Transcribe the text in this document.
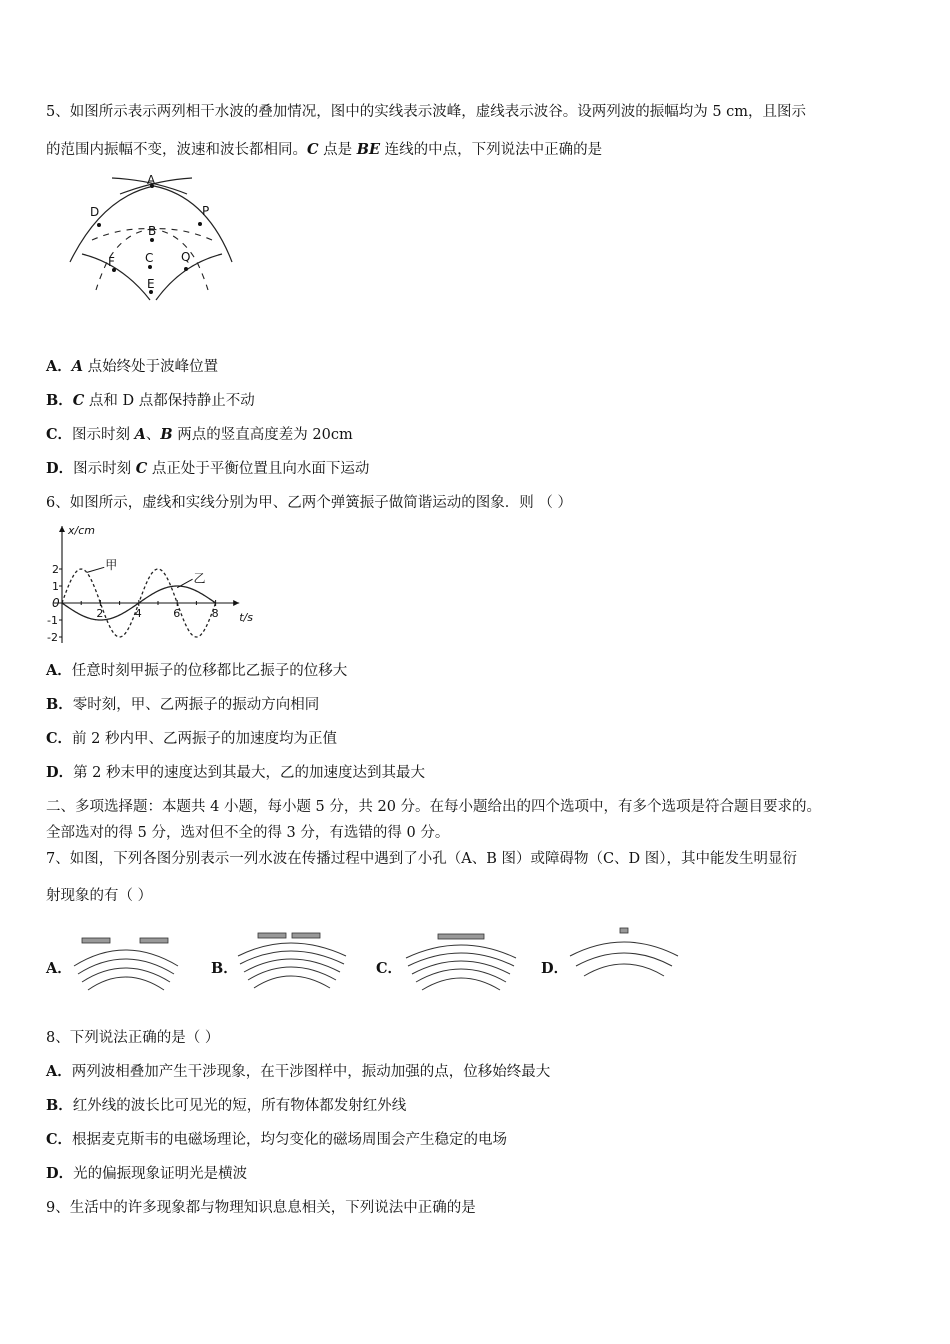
5、如图所示表示两列相干水波的叠加情况，图中的实线表示波峰，虚线表示波谷。设两列波的振幅均为 5 cm，且图示
的范围内振幅不变，波速和波长都相同。C 点是 BE 连线的中点，下列说法中正确的是
A
D	P
B
C
F	Q
E
A．A 点始终处于波峰位置
B．C 点和 D 点都保持静止不动
C．图示时刻 A、B 两点的竖直高度差为 20cm
D．图示时刻 C 点正处于平衡位置且向水面下运动
6、如图所示，虚线和实线分别为甲、乙两个弹簧振子做简谐运动的图象．则 （ ）
x/cm
t/s
0
2	4	6	8
2
1
-1
-2
甲
乙
A．任意时刻甲振子的位移都比乙振子的位移大
B．零时刻，甲、乙两振子的振动方向相同
C．前 2 秒内甲、乙两振子的加速度均为正值
D．第 2 秒末甲的速度达到其最大，乙的加速度达到其最大
二、多项选择题：本题共 4 小题，每小题 5 分，共 20 分。在每小题给出的四个选项中，有多个选项是符合题目要求的。
全部选对的得 5 分，选对但不全的得 3 分，有选错的得 0 分。
7、如图，下列各图分别表示一列水波在传播过程中遇到了小孔（A、B 图）或障碍物（C、D 图），其中能发生明显衍
射现象的有（ ）
A．	B．	C．	D．
8、下列说法正确的是（ ）
A．两列波相叠加产生干涉现象，在干涉图样中，振动加强的点，位移始终最大
B．红外线的波长比可见光的短，所有物体都发射红外线
C．根据麦克斯韦的电磁场理论，均匀变化的磁场周围会产生稳定的电场
D．光的偏振现象证明光是横波
9、生活中的许多现象都与物理知识息息相关，下列说法中正确的是
